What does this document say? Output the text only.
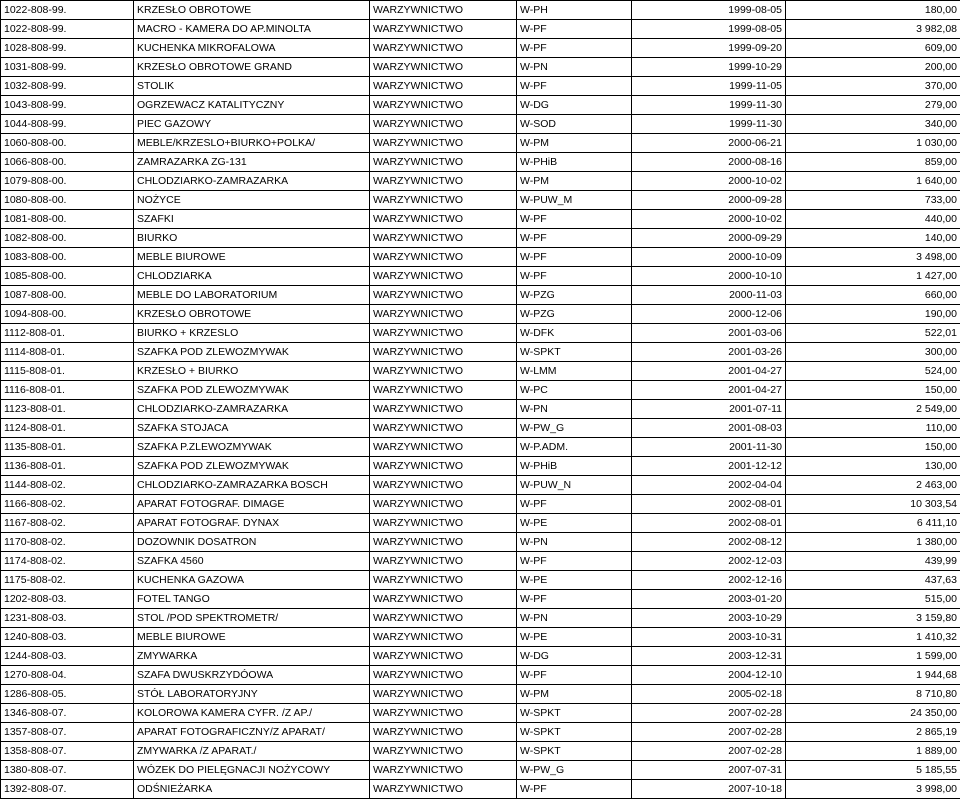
1022-808-99.	KRZESŁO OBROTOWE	WARZYWNICTWO	W-PH	1999-08-05	180,00
1022-808-99.	MACRO - KAMERA DO AP.MINOLTA	WARZYWNICTWO	W-PF	1999-08-05	3 982,08
1028-808-99.	KUCHENKA MIKROFALOWA	WARZYWNICTWO	W-PF	1999-09-20	609,00
1031-808-99.	KRZESŁO OBROTOWE GRAND	WARZYWNICTWO	W-PN	1999-10-29	200,00
1032-808-99.	STOLIK	WARZYWNICTWO	W-PF	1999-11-05	370,00
1043-808-99.	OGRZEWACZ KATALITYCZNY	WARZYWNICTWO	W-DG	1999-11-30	279,00
1044-808-99.	PIEC GAZOWY	WARZYWNICTWO	W-SOD	1999-11-30	340,00
1060-808-00.	MEBLE/KRZESLO+BIURKO+POLKA/	WARZYWNICTWO	W-PM	2000-06-21	1 030,00
1066-808-00.	ZAMRAZARKA ZG-131	WARZYWNICTWO	W-PHiB	2000-08-16	859,00
1079-808-00.	CHLODZIARKO-ZAMRAZARKA	WARZYWNICTWO	W-PM	2000-10-02	1 640,00
1080-808-00.	NOŻYCE	WARZYWNICTWO	W-PUW_M	2000-09-28	733,00
1081-808-00.	SZAFKI	WARZYWNICTWO	W-PF	2000-10-02	440,00
1082-808-00.	BIURKO	WARZYWNICTWO	W-PF	2000-09-29	140,00
1083-808-00.	MEBLE BIUROWE	WARZYWNICTWO	W-PF	2000-10-09	3 498,00
1085-808-00.	CHLODZIARKA	WARZYWNICTWO	W-PF	2000-10-10	1 427,00
1087-808-00.	MEBLE DO LABORATORIUM	WARZYWNICTWO	W-PZG	2000-11-03	660,00
1094-808-00.	KRZESŁO OBROTOWE	WARZYWNICTWO	W-PZG	2000-12-06	190,00
1112-808-01.	BIURKO + KRZESLO	WARZYWNICTWO	W-DFK	2001-03-06	522,01
1114-808-01.	SZAFKA POD ZLEWOZMYWAK	WARZYWNICTWO	W-SPKT	2001-03-26	300,00
1115-808-01.	KRZESŁO + BIURKO	WARZYWNICTWO	W-LMM	2001-04-27	524,00
1116-808-01.	SZAFKA POD ZLEWOZMYWAK	WARZYWNICTWO	W-PC	2001-04-27	150,00
1123-808-01.	CHLODZIARKO-ZAMRAZARKA	WARZYWNICTWO	W-PN	2001-07-11	2 549,00
1124-808-01.	SZAFKA STOJACA	WARZYWNICTWO	W-PW_G	2001-08-03	110,00
1135-808-01.	SZAFKA P.ZLEWOZMYWAK	WARZYWNICTWO	W-P.ADM.	2001-11-30	150,00
1136-808-01.	SZAFKA POD ZLEWOZMYWAK	WARZYWNICTWO	W-PHiB	2001-12-12	130,00
1144-808-02.	CHLODZIARKO-ZAMRAZARKA BOSCH	WARZYWNICTWO	W-PUW_N	2002-04-04	2 463,00
1166-808-02.	APARAT FOTOGRAF. DIMAGE	WARZYWNICTWO	W-PF	2002-08-01	10 303,54
1167-808-02.	APARAT FOTOGRAF. DYNAX	WARZYWNICTWO	W-PE	2002-08-01	6 411,10
1170-808-02.	DOZOWNIK DOSATRON	WARZYWNICTWO	W-PN	2002-08-12	1 380,00
1174-808-02.	SZAFKA 4560	WARZYWNICTWO	W-PF	2002-12-03	439,99
1175-808-02.	KUCHENKA GAZOWA	WARZYWNICTWO	W-PE	2002-12-16	437,63
1202-808-03.	FOTEL TANGO	WARZYWNICTWO	W-PF	2003-01-20	515,00
1231-808-03.	STOL /POD SPEKTROMETR/	WARZYWNICTWO	W-PN	2003-10-29	3 159,80
1240-808-03.	MEBLE BIUROWE	WARZYWNICTWO	W-PE	2003-10-31	1 410,32
1244-808-03.	ZMYWARKA	WARZYWNICTWO	W-DG	2003-12-31	1 599,00
1270-808-04.	SZAFA DWUSKRZYDÓOWA	WARZYWNICTWO	W-PF	2004-12-10	1 944,68
1286-808-05.	STÓŁ LABORATORYJNY	WARZYWNICTWO	W-PM	2005-02-18	8 710,80
1346-808-07.	KOLOROWA KAMERA CYFR. /Z AP./	WARZYWNICTWO	W-SPKT	2007-02-28	24 350,00
1357-808-07.	APARAT FOTOGRAFICZNY/Z APARAT/	WARZYWNICTWO	W-SPKT	2007-02-28	2 865,19
1358-808-07.	ZMYWARKA /Z APARAT./	WARZYWNICTWO	W-SPKT	2007-02-28	1 889,00
1380-808-07.	WÓZEK DO PIELĘGNACJI NOŻYCOWY	WARZYWNICTWO	W-PW_G	2007-07-31	5 185,55
1392-808-07.	ODŚNIEŻARKA	WARZYWNICTWO	W-PF	2007-10-18	3 998,00
